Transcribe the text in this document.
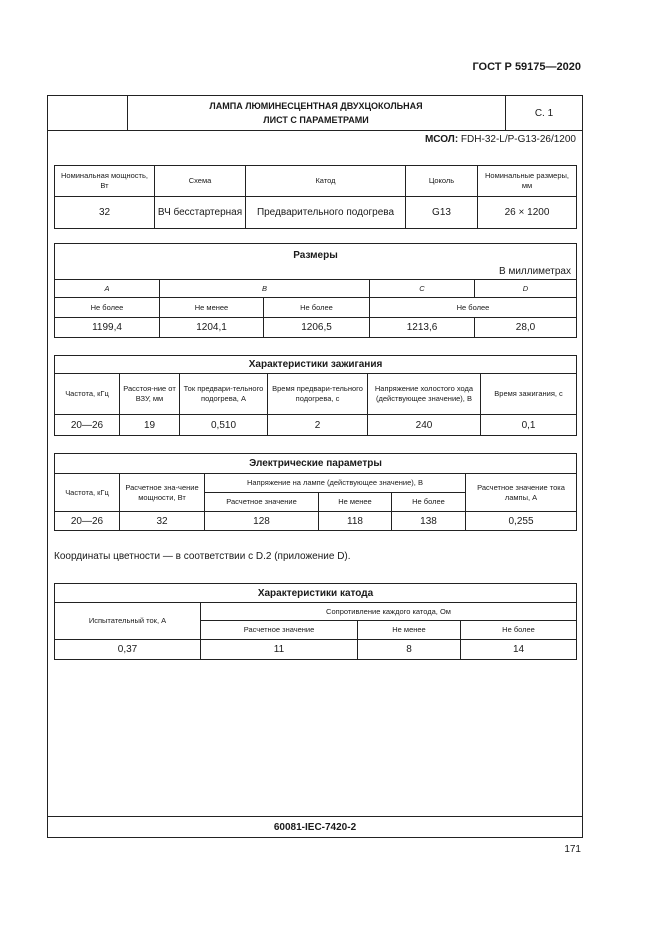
ГОСТ Р 59175—2020
ЛАМПА ЛЮМИНЕСЦЕНТНАЯ ДВУХЦОКОЛЬНАЯ
ЛИСТ С ПАРАМЕТРАМИ
С. 1
МСОЛ: FDH-32-L/P-G13-26/1200
60081-IEC-7420-2
Номинальная мощность, Вт	Схема	Катод	Цоколь	Номинальные размеры, мм
32	ВЧ бесстартерная	Предварительного подогрева	G13	26 × 1200
Размеры
В миллиметрах				

A	B		C	D
Не более	Не менее	Не более	Не более	
1199,4	1204,1	1206,5	1213,6	28,0
Характеристики зажигания					
Частота, кГц	Расстоя-ние от ВЗУ, мм	Ток предвари-тельного подогрева, А	Время предвари-тельного подогрева, с	Напряжение холостого хода (действующее значение), В	Время зажигания, с
20—26	19	0,510	2	240	0,1
Электрические параметры					
Частота, кГц	Расчетное зна-чение мощности, Вт	Напряжение на лампе (действующее значение), В			Расчетное значение тока лампы, А
		Расчетное значение	Не менее	Не более	
20—26	32	128	118	138	0,255
Координаты цветности — в соответствии с D.2 (приложение D).
Характеристики катода			
Испытательный ток, А	Сопротивление каждого катода, Ом		
	Расчетное значение	Не менее	Не более
0,37	11	8	14
171
